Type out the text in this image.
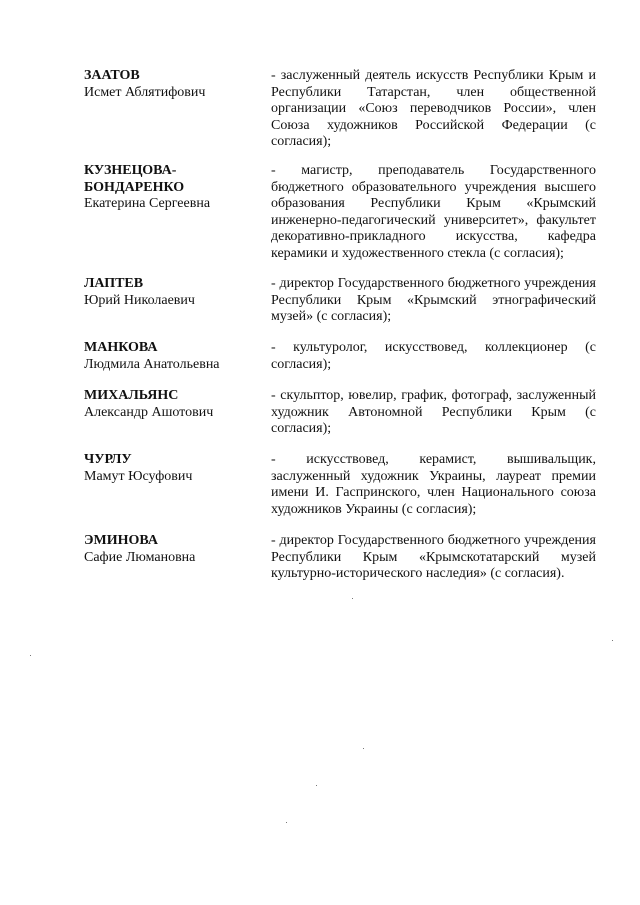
ЗААТОВ
Исмет Аблятифович
- заслуженный деятель искусств Республики Крым и Республики Татарстан, член общественной организации «Союз переводчиков России», член Союза художников Российской Федерации (с согласия);
КУЗНЕЦОВА-
БОНДАРЕНКО
Екатерина Сергеевна
- магистр, преподаватель Государственного бюджетного образовательного учреждения высшего образования Республики Крым «Крымский инженерно-педагогический университет», факультет декоративно-прикладного искусства, кафедра керамики и художественного стекла (с согласия);
ЛАПТЕВ
Юрий Николаевич
- директор Государственного бюджетного учреждения Республики Крым «Крымский этнографический музей» (с согласия);
МАНКОВА
Людмила Анатольевна
- культуролог, искусствовед, коллекционер (с согласия);
МИХАЛЬЯНС
Александр Ашотович
- скульптор, ювелир, график, фотограф, заслуженный художник Автономной Республики Крым (с согласия);
ЧУРЛУ
Мамут Юсуфович
- искусствовед, керамист, вышивальщик, заслуженный художник Украины, лауреат премии имени И. Гаспринского, член Национального союза художников Украины (с согласия);
ЭМИНОВА
Сафие Люмановна
- директор Государственного бюджетного учреждения Республики Крым «Крымскотатарский музей культурно-исторического наследия» (с согласия).
